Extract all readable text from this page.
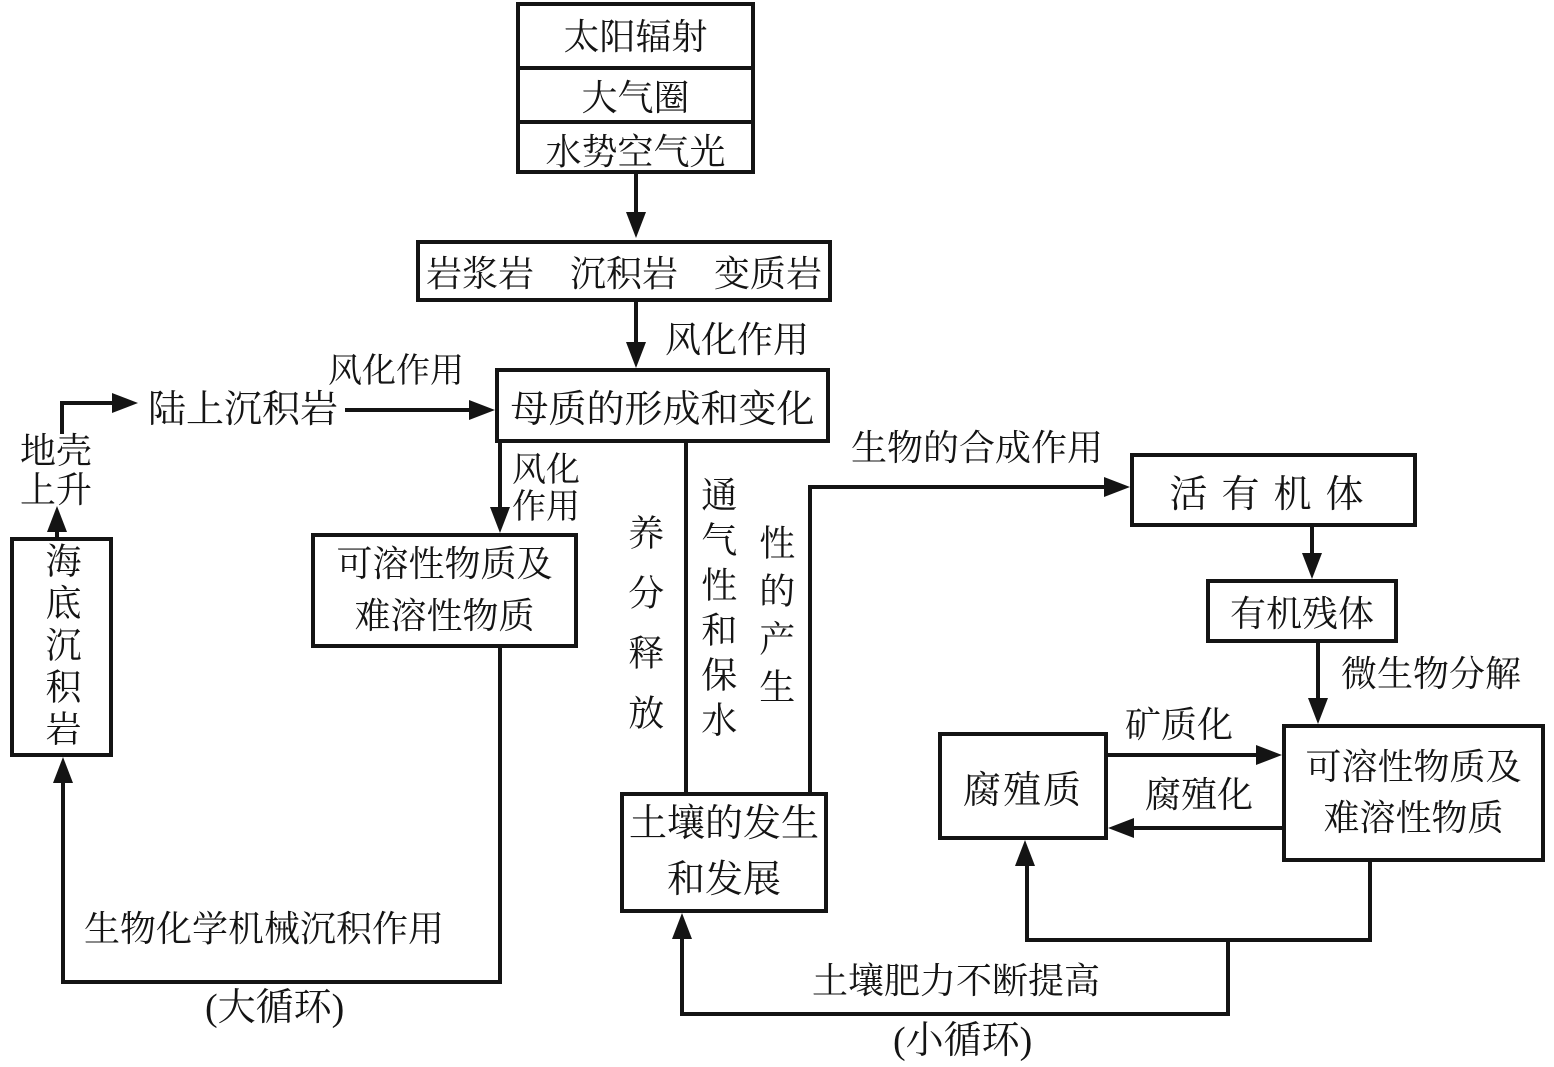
太阳辐射
大气圈
水势空气光
岩浆岩　沉积岩　变质岩
母质的形成和变化
可溶性物质及
难溶性物质
海底沉积岩
土壤的发生
和发展
活有机体
有机残体
腐殖质
可溶性物质及
难溶性物质
风化作用
风化作用
陆上沉积岩
地壳
上升	风化
作用
生物的合成作用
微生物分解
矿质化
腐殖化
养分释放 通气性和保水 性的产生
生物化学机械沉积作用
(大循环)
土壤肥力不断提高
(小循环)
